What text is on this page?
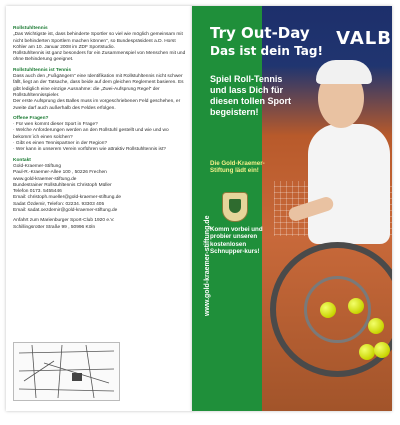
Rollstuhltennis

„Das Wichtigste ist, dass behinderte Sportler so viel wie möglich gemeinsam mit nicht behinderten Sportlern machen können“, so Bundespräsident a.D. Horst Köhler am 10. Januar 2008 im ZDF Sportstudio.

Rollstuhltennis ist ganz besonders für ein Zusammenspiel von Menschen mit und ohne Behinderung geeignet.

Rollstuhltennis ist Tennis

Dass auch den „Fußgängern“ eine Identifikation mit Rollstuhltennis nicht schwer fällt, liegt an der Tatsache, dass beide auf dem gleichen Reglement basieren. Es gibt lediglich eine einzige Ausnahme: die „Zwei-Aufsprung Regel“ der Rollstuhltennisspieler.

Der erste Aufsprung des Balles muss im vorgeschriebenen Feld geschehen, er zweite darf auch außerhalb des Feldes erfolgen.

Offene Fragen?
· Für wen kommt dieser Sport in Frage?
· Welche Anforderungen werden an den Rollstuhl gestellt und wie und wo bekomm´ich einen solchen?
· Gibt es einen Tennispartner in der Region?
· Wer kann in unserem Verein vorführen wie attraktiv Rollstuhltennis ist?
Kontakt

Gold-Kraemer-Stiftung

Paul-R.-Kraemer-Allee 100 , 50226 Frechen

www.gold-kraemer-stiftung.de

Bundestrainer Rollstuhltennis Christoph Müller

Telefon 0173. 5455446

Email: christoph.mueller@gold-kraemer-stiftung.de

Sadat Özdemir, Telefon: 02234. 93303 405

Email: sadat.oezdemir@gold-kraemer-stiftung.de

Anfahrt zum Marienburger Sport-Club 1920 e.V.

Schillingsrotter Straße 99 , 50996 Köln

VALB
Try Out-Day
Das ist dein Tag!
Spiel Roll-Tennis und lass Dich für diesen tollen Sport begeistern!
Die Gold-Kraemer-Stiftung lädt ein!
Komm vorbei und probier unseren kostenlosen Schnupper-kurs!
www.gold-kraemer-stiftung.de
